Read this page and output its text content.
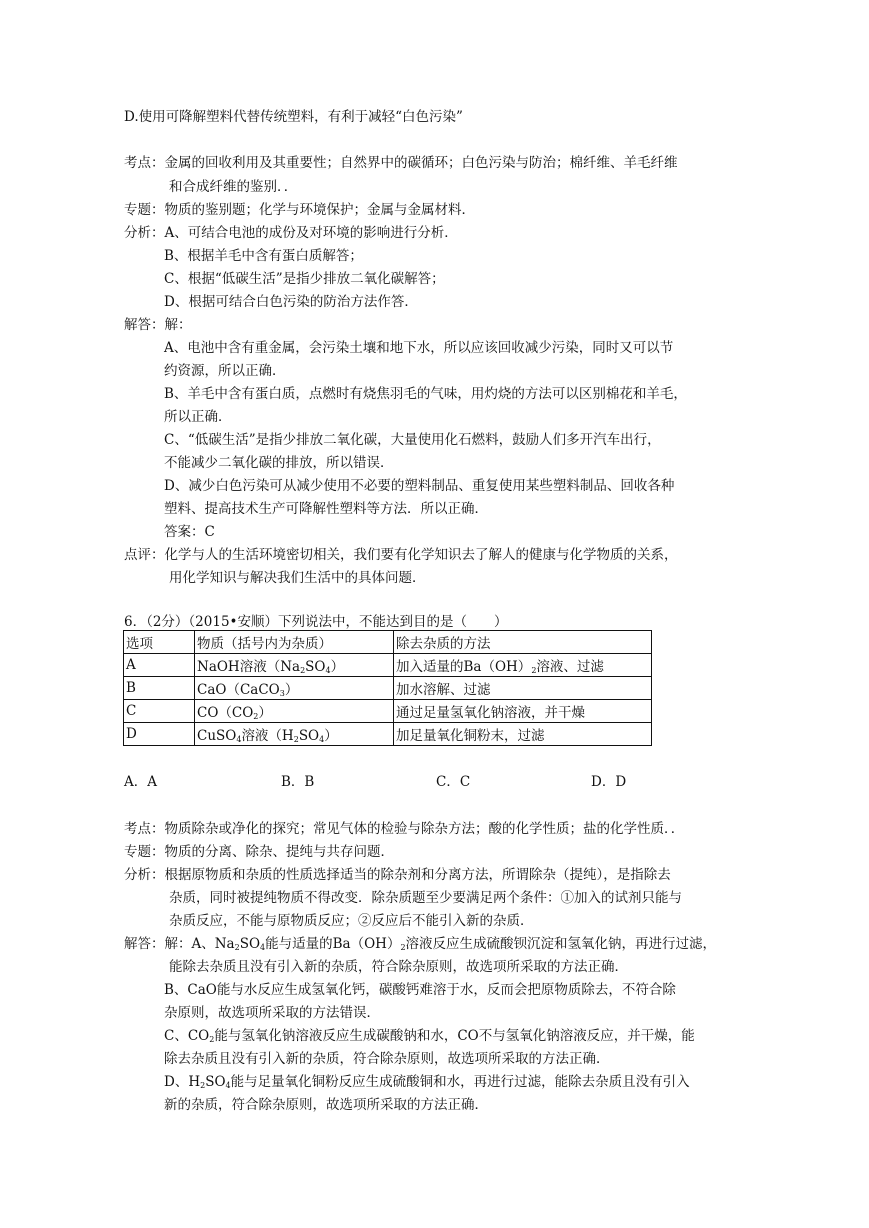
D.使用可降解塑料代替传统塑料，有利于减轻“白色污染”
考点：金属的回收利用及其重要性；自然界中的碳循环；白色污染与防治；棉纤维、羊毛纤维
和合成纤维的鉴别．．
专题：物质的鉴别题；化学与环境保护；金属与金属材料．
分析：A、可结合电池的成份及对环境的影响进行分析．
B、根据羊毛中含有蛋白质解答；
C、根据“低碳生活”是指少排放二氧化碳解答；
D、根据可结合白色污染的防治方法作答．
解答：解：
A、电池中含有重金属，会污染土壤和地下水，所以应该回收减少污染，同时又可以节
约资源，所以正确．
B、羊毛中含有蛋白质，点燃时有烧焦羽毛的气味，用灼烧的方法可以区别棉花和羊毛，
所以正确．
C、“低碳生活”是指少排放二氧化碳，大量使用化石燃料，鼓励人们多开汽车出行，
不能减少二氧化碳的排放，所以错误．
D、减少白色污染可从减少使用不必要的塑料制品、重复使用某些塑料制品、回收各种
塑料、提高技术生产可降解性塑料等方法．所以正确．
答案：C
点评：化学与人的生活环境密切相关，我们要有化学知识去了解人的健康与化学物质的关系，
用化学知识与解决我们生活中的具体问题．
6．（2分）（2015•安顺）下列说法中，不能达到目的是（　　）
选项	物质（括号内为杂质）	除去杂质的方法
A	NaOH溶液$(Na_2SO_4)$	加入适量的$Ba(OH)_2$溶液、过滤
B	CaO（CaCO$_3$）	加水溶解、过滤
C	$CO(CO_2)$	通过足量氢氧化钠溶液，并干燥
D	CuSO$_4$溶液$(H_2SO_4)$	加足量氧化铜粉末，过滤
A．A	B．B	C．C	D．D
考点：物质除杂或净化的探究；常见气体的检验与除杂方法；酸的化学性质；盐的化学性质．．
专题：物质的分离、除杂、提纯与共存问题．
分析：根据原物质和杂质的性质选择适当的除杂剂和分离方法，所谓除杂（提纯），是指除去
杂质，同时被提纯物质不得改变．除杂质题至少要满足两个条件：①加入的试剂只能与
杂质反应，不能与原物质反应；②反应后不能引入新的杂质．
解答：解：A、$Na_2SO_4$能与适量的$Ba(OH)_2$溶液反应生成硫酸钡沉淀和氢氧化钠，再进行过滤，
能除去杂质且没有引入新的杂质，符合除杂原则，故选项所采取的方法正确．
B、CaO能与水反应生成氢氧化钙，碳酸钙难溶于水，反而会把原物质除去，不符合除
杂原则，故选项所采取的方法错误．
C、$CO_2$能与氢氧化钠溶液反应生成碳酸钠和水，CO不与氢氧化钠溶液反应，并干燥，能
除去杂质且没有引入新的杂质，符合除杂原则，故选项所采取的方法正确．
D、$H_2SO_4$能与足量氧化铜粉反应生成硫酸铜和水，再进行过滤，能除去杂质且没有引入
新的杂质，符合除杂原则，故选项所采取的方法正确．
